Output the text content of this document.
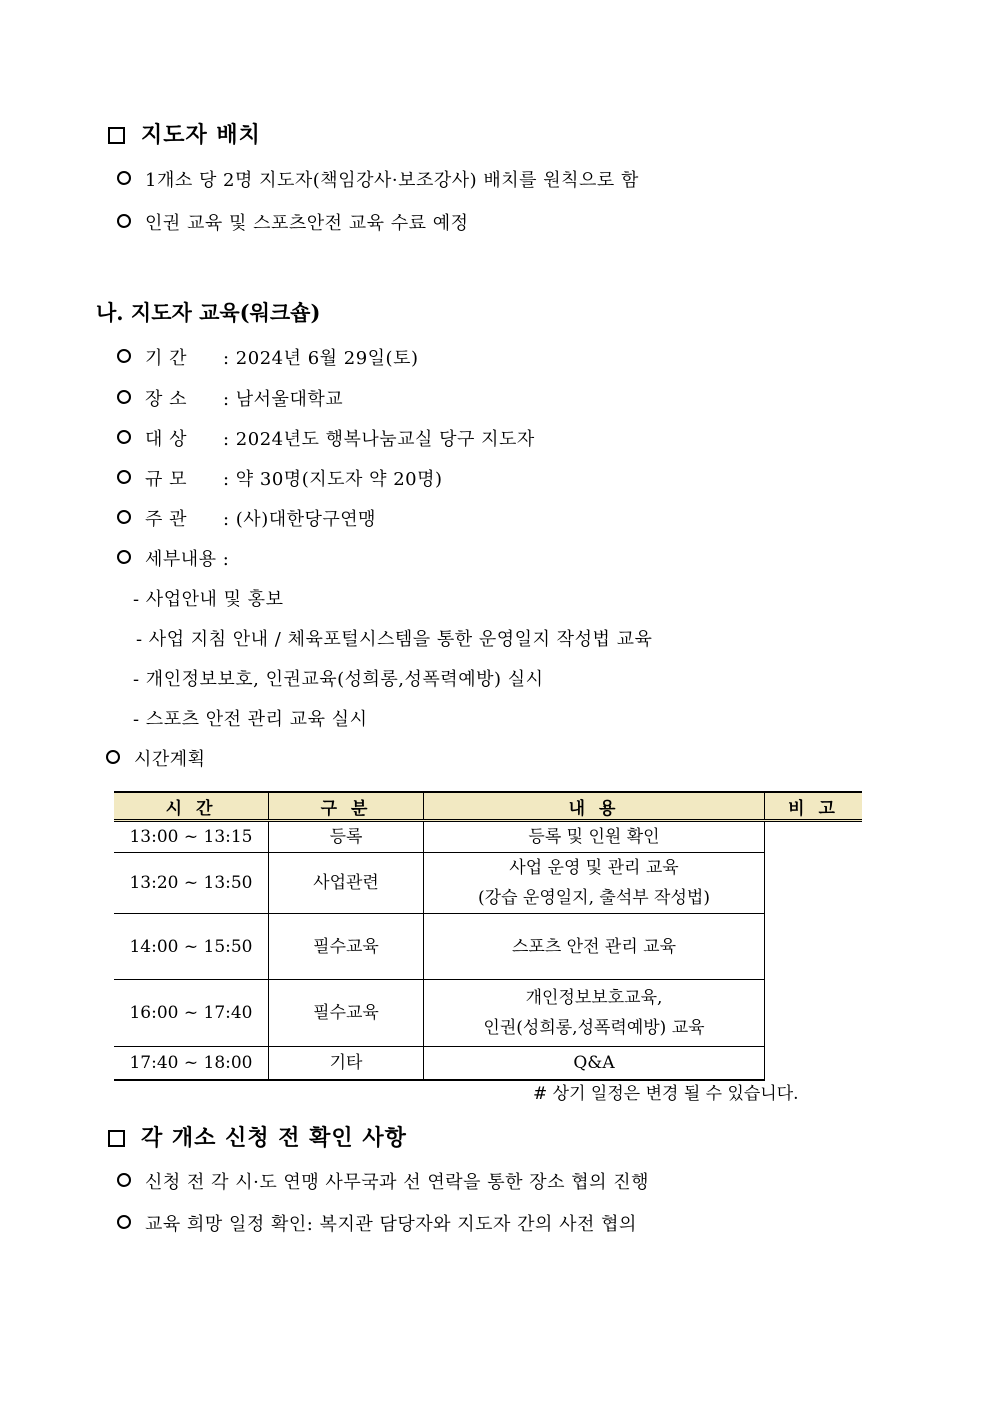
지도자 배치
1개소 당 2명 지도자(책임강사·보조강사) 배치를 원칙으로 함
인권 교육 및 스포츠안전 교육 수료 예정
나. 지도자 교육(워크숍)
기 간 : 2024년 6월 29일(토)
장 소 : 남서울대학교
대 상 : 2024년도 행복나눔교실 당구 지도자
규 모 : 약 30명(지도자 약 20명)
주 관 : (사)대한당구연맹
세부내용 :
- 사업안내 및 홍보
- 사업 지침 안내 / 체육포털시스템을 통한 운영일지 작성법 교육
- 개인정보보호, 인권교육(성희롱,성폭력예방) 실시
- 스포츠 안전 관리 교육 실시
시간계획
시 간	구 분	내 용	비 고
13:00 ~ 13:15	등록	등록 및 인원 확인	
13:20 ~ 13:50	사업관련	사업 운영 및 관리 교육
(강습 운영일지, 출석부 작성법)	

14:00 ~ 15:50	필수교육	스포츠 안전 관리 교육	
16:00 ~ 17:40	필수교육	개인정보보호교육,
인권(성희롱,성폭력예방) 교육	

17:40 ~ 18:00	기타	Q&A	
# 상기 일정은 변경 될 수 있습니다.
각 개소 신청 전 확인 사항
신청 전 각 시·도 연맹 사무국과 선 연락을 통한 장소 협의 진행
교육 희망 일정 확인: 복지관 담당자와 지도자 간의 사전 협의
